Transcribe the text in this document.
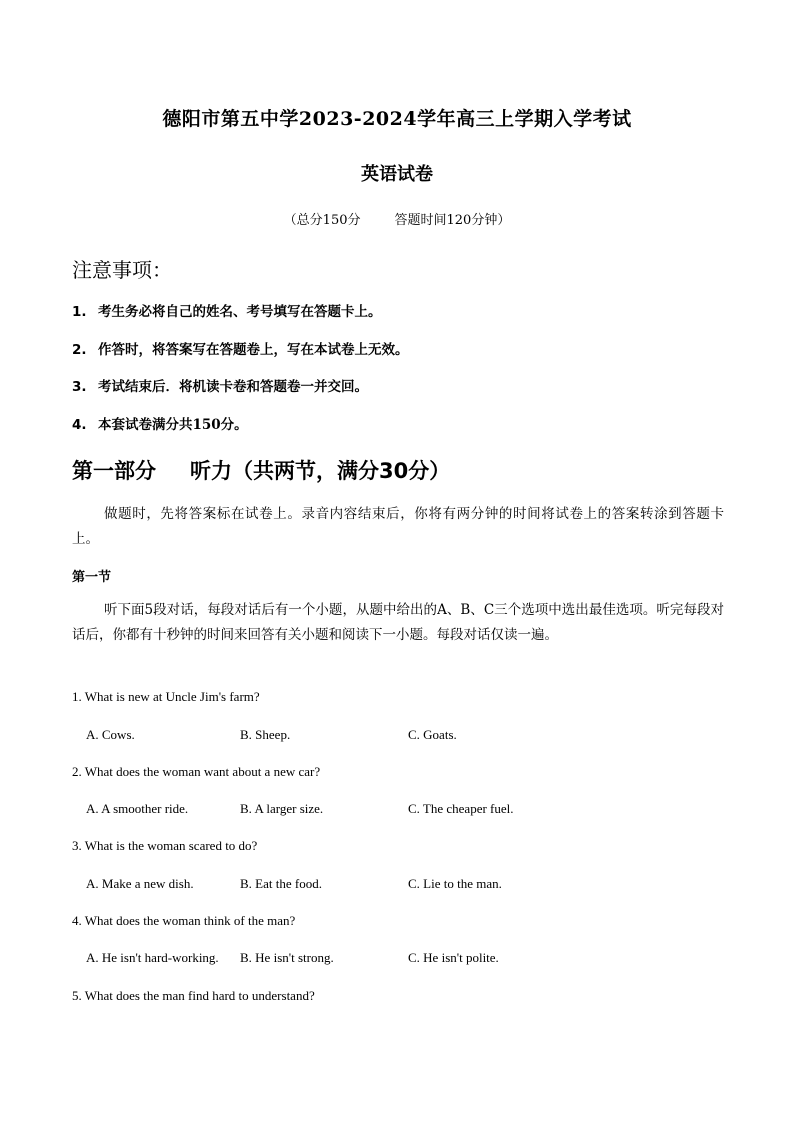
德阳市第五中学2023-2024学年高三上学期入学考试
英语试卷
（总分150分	答题时间120分钟）
注意事项：
1. 考生务必将自己的姓名、考号填写在答题卡上。
2. 作答时，将答案写在答题卷上，写在本试卷上无效。
3. 考试结束后．将机读卡卷和答题卷一并交回。
4. 本套试卷满分共150分。
第一部分 听力（共两节，满分30分）
做题时，先将答案标在试卷上。录音内容结束后，你将有两分钟的时间将试卷上的答案转涂到答题卡上。
第一节
听下面5段对话，每段对话后有一个小题，从题中给出的A、B、C三个选项中选出最佳选项。听完每段对话后，你都有十秒钟的时间来回答有关小题和阅读下一小题。每段对话仅读一遍。
1. What is new at Uncle Jim's farm?
A. Cows.	B. Sheep.	C. Goats.
2. What does the woman want about a new car?
A. A smoother ride.	B. A larger size.	C. The cheaper fuel.
3. What is the woman scared to do?
A. Make a new dish.	B. Eat the food.	C. Lie to the man.
4. What does the woman think of the man?
A. He isn't hard-working. B. He isn't strong.	C. He isn't polite.
5. What does the man find hard to understand?
